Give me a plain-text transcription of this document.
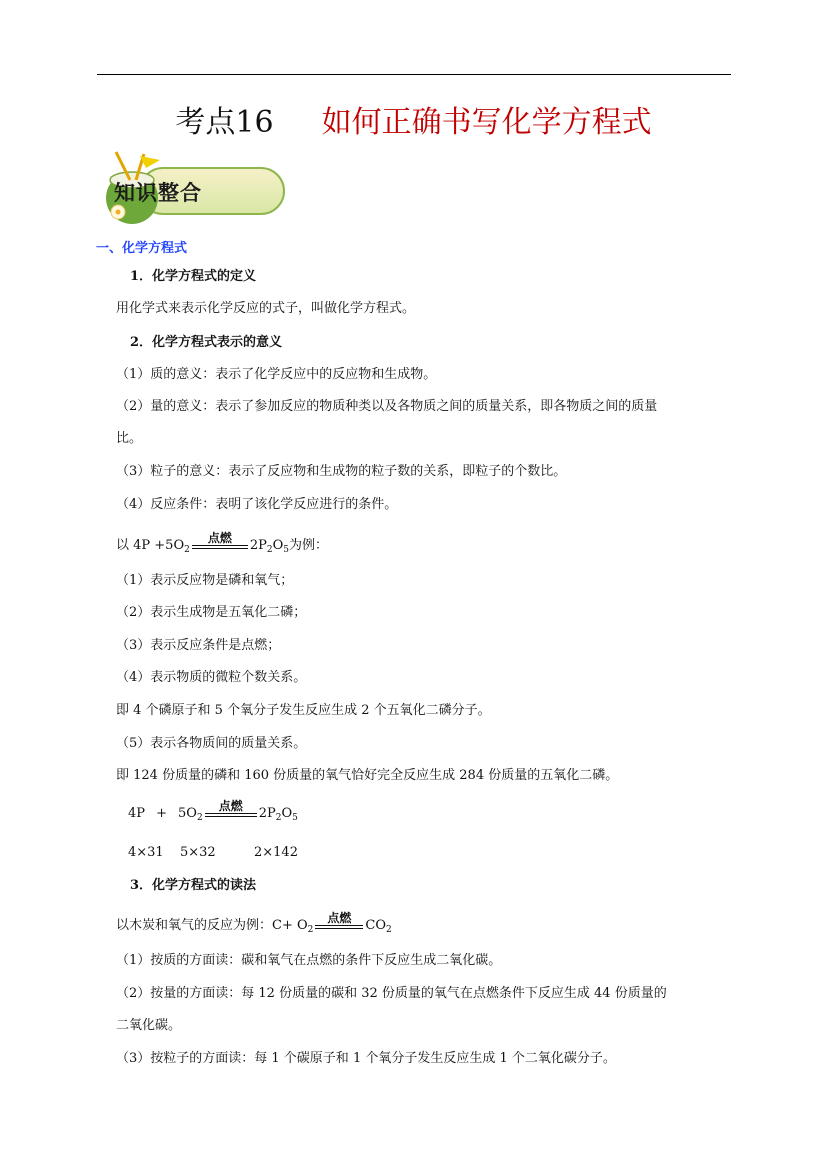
考点16 如何正确书写化学方程式
知识整合
一、化学方程式
1．化学方程式的定义
用化学式来表示化学反应的式子，叫做化学方程式。
2．化学方程式表示的意义
（1）质的意义：表示了化学反应中的反应物和生成物。
（2）量的意义：表示了参加反应的物质种类以及各物质之间的质量关系，即各物质之间的质量
比。
（3）粒子的意义：表示了反应物和生成物的粒子数的关系，即粒子的个数比。
（4）反应条件：表明了该化学反应进行的条件。
以 $4P +5O_2$
点燃	$2P_2O_5$为例：
（1）表示反应物是磷和氧气；
（2）表示生成物是五氧化二磷；
（3）表示反应条件是点燃；
（4）表示物质的微粒个数关系。
即 4 个磷原子和 5 个氧分子发生反应生成 2 个五氧化二磷分子。
（5）表示各物质间的质量关系。
即 124 份质量的磷和 160 份质量的氧气恰好完全反应生成 284 份质量的五氧化二磷。
$4P + 5O_2$
点燃	$2P_2O_5$
4×31 5×32	2×142
3．化学方程式的读法
以木炭和氧气的反应为例：$C+ O_2$
点燃	$CO_2$
（1）按质的方面读：碳和氧气在点燃的条件下反应生成二氧化碳。
（2）按量的方面读：每 12 份质量的碳和 32 份质量的氧气在点燃条件下反应生成 44 份质量的
二氧化碳。
（3）按粒子的方面读：每 1 个碳原子和 1 个氧分子发生反应生成 1 个二氧化碳分子。
